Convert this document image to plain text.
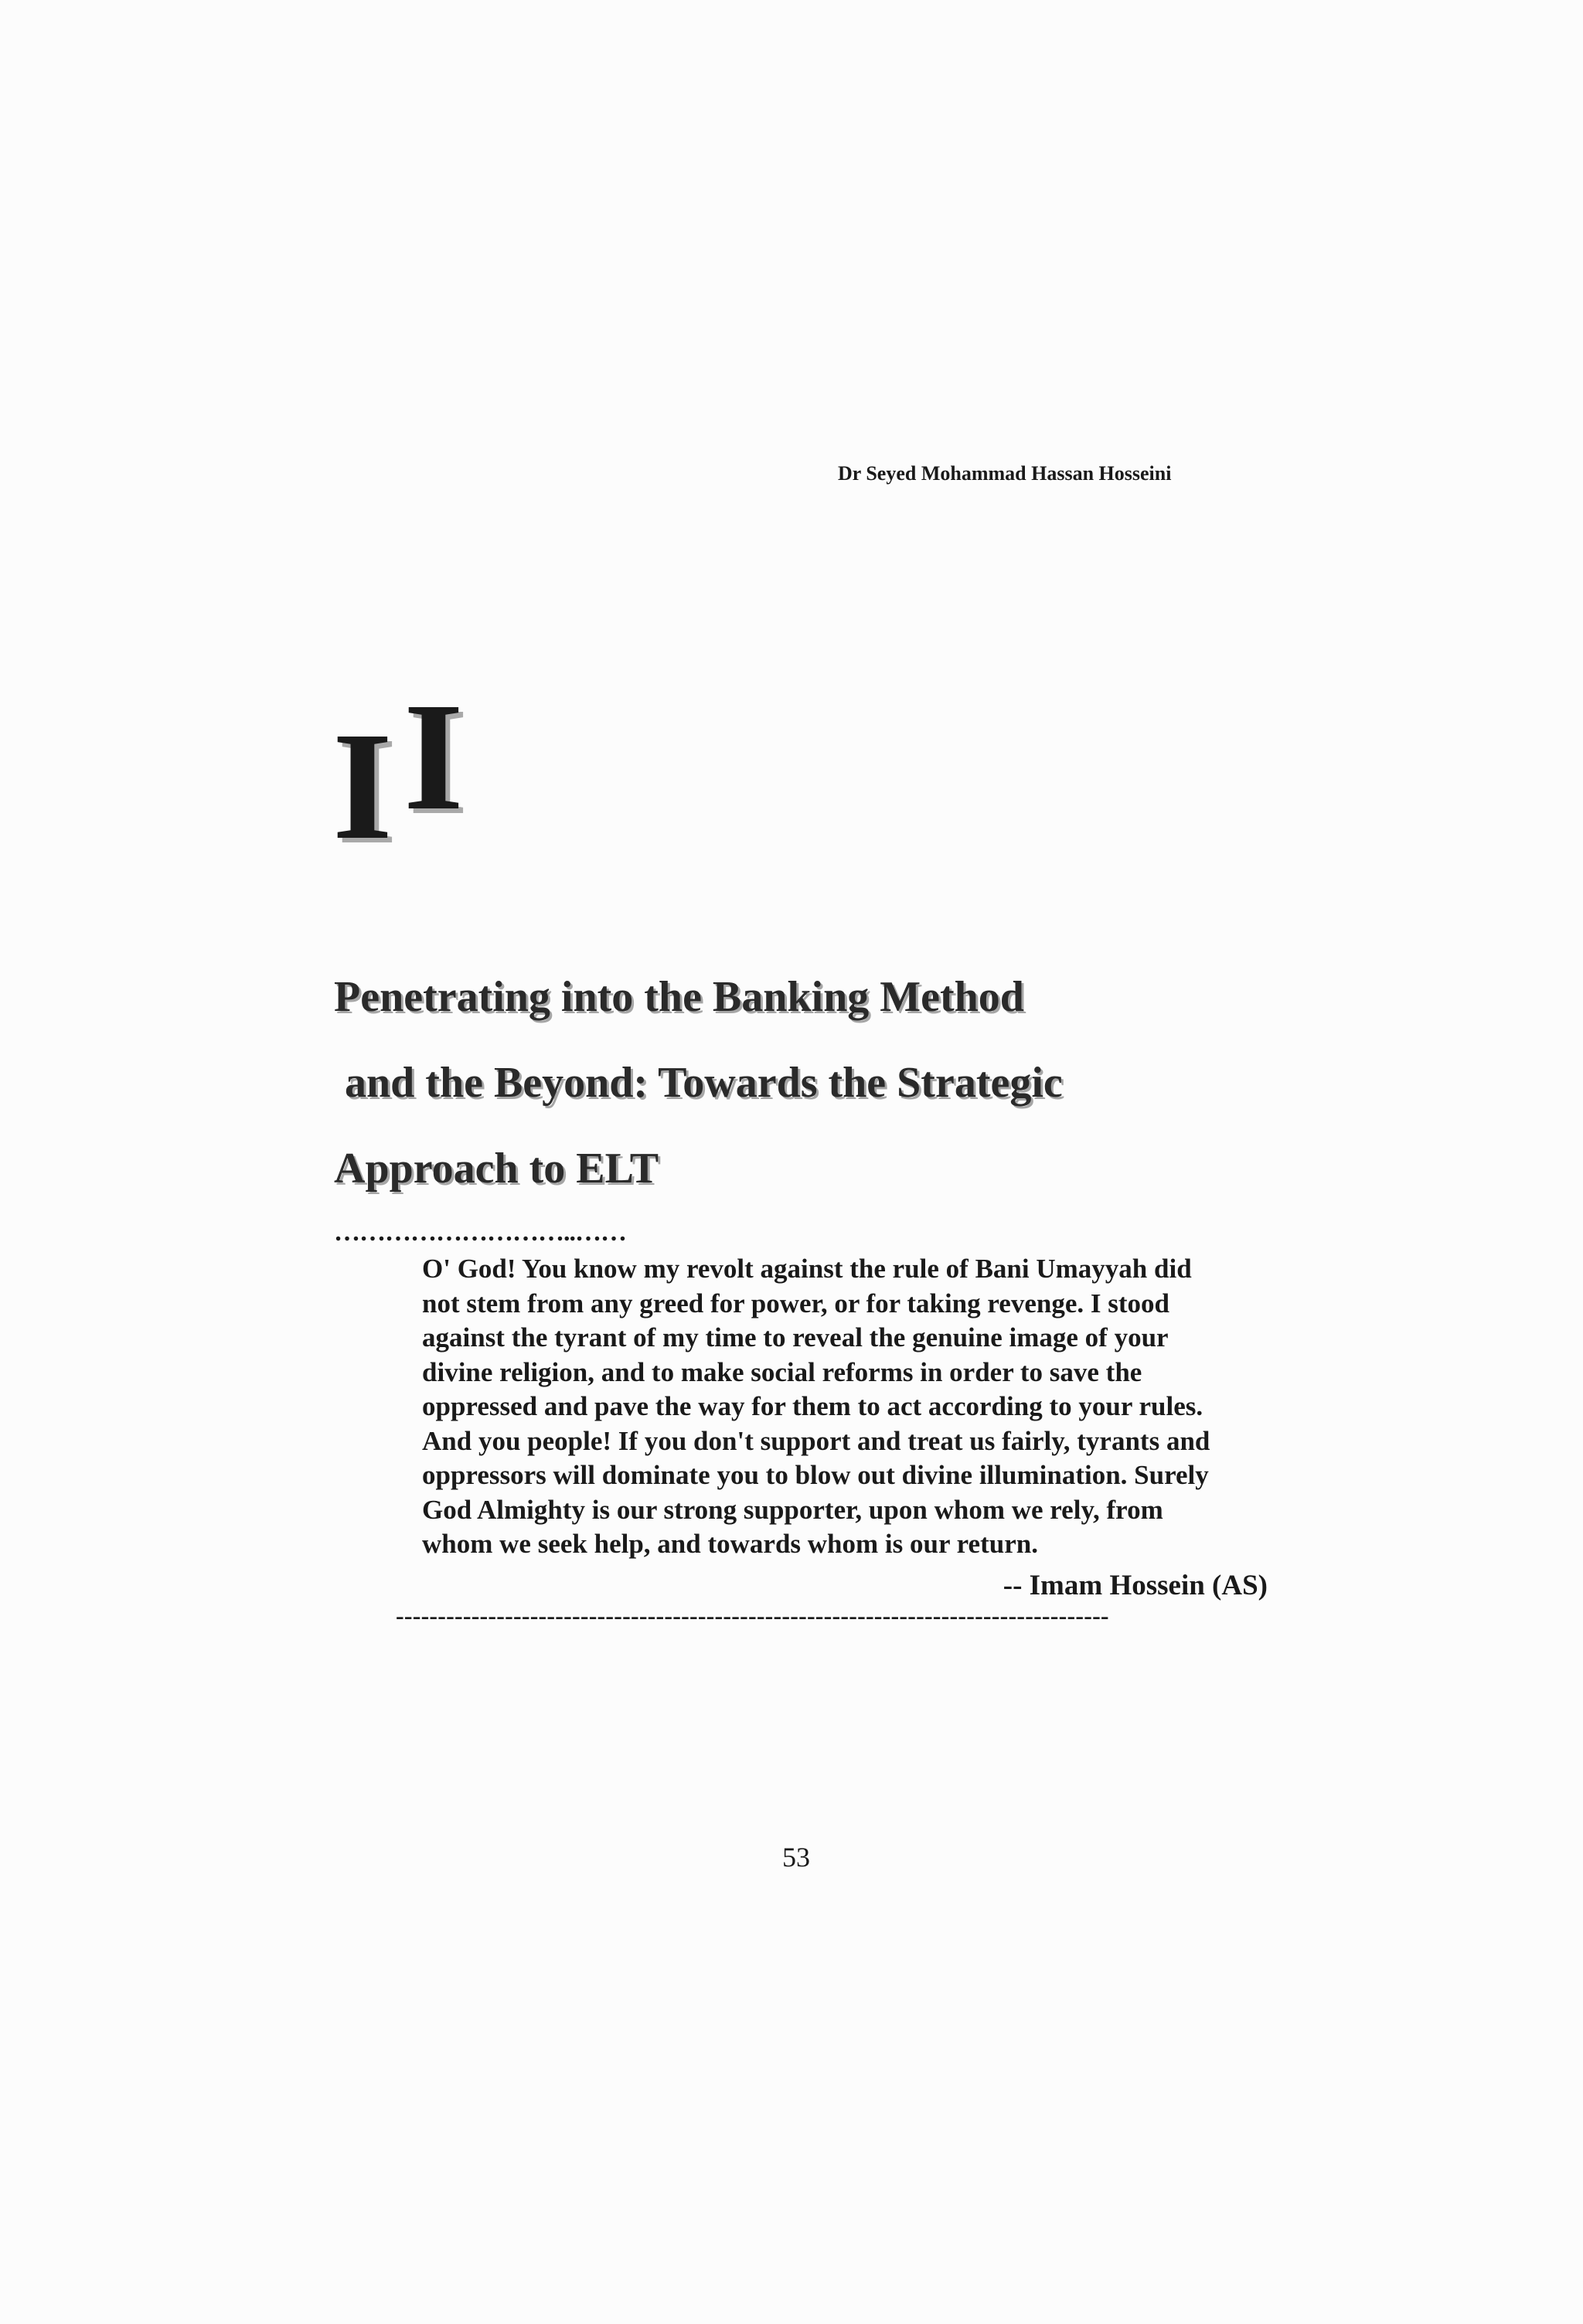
Dr Seyed Mohammad Hassan Hosseini
I I
Penetrating into the Banking Method
and the Beyond: Towards the Strategic
Approach to ELT
………………………..……
O' God! You know my revolt against the rule of Bani Umayyah did
not stem from any greed for power, or for taking revenge. I stood
against the tyrant of my time to reveal the genuine image of your
divine religion, and to make social reforms in order to save the
oppressed and pave the way for them to act according to your rules.
And you people! If you don't support and treat us fairly, tyrants and
oppressors will dominate you to blow out divine illumination. Surely
God Almighty is our strong supporter, upon whom we rely, from
whom we seek help, and towards whom is our return.
-- Imam Hossein (AS)
-------------------------------------------------------------------------------------
53
